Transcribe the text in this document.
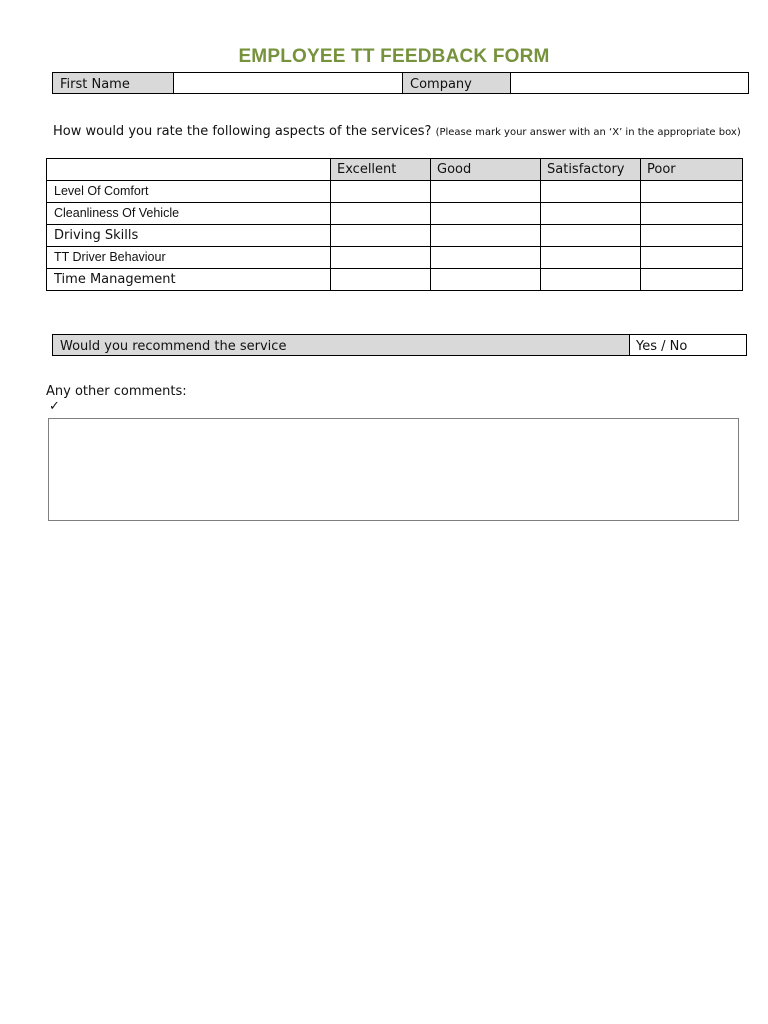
EMPLOYEE TT FEEDBACK FORM
First Name	Company
How would you rate the following aspects of the services? (Please mark your answer with an ‘X’ in the appropriate box)
	Excellent	Good	Satisfactory	Poor
Level Of Comfort				
Cleanliness Of Vehicle				
Driving Skills				
TT Driver Behaviour				
Time Management				
Would you recommend the service	Yes / No
Any other comments:
✓
